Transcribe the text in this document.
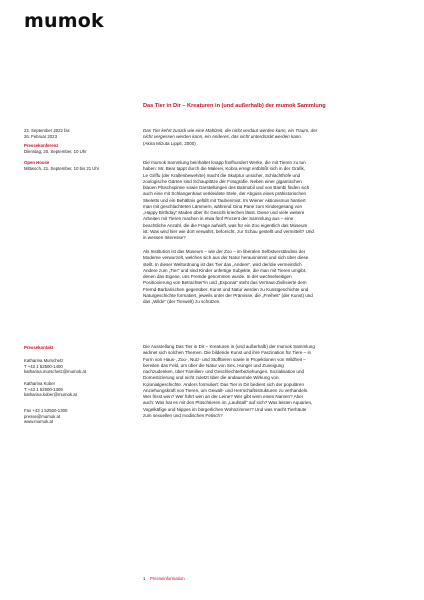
mumok
Das Tier in Dir – Kreaturen in (und außerhalb) der mumok Sammlung
22. September 2022 bis
26. Februar 2023
Pressekonferenz
Dienstag, 20. September, 10 Uhr
Open House
Mittwoch, 21. September, 10 bis 21 Uhr
Pressekontakt
Katharina Murschetz
T +43 1 52500-1400
katharina.murschetz@mumok.at
Katharina Kober
T +43 1 52500-1309
katharina.kober@mumok.at
Fax +43 1 52500-1300
presse@mumok.at
www.mumok.at

Das Tier kehrt zurück wie eine Mahlzeit, die nicht verdaut werden kann, ein Traum, der

nicht vergessen werden kann, ein Anderes, das nicht unterdrückt werden kann.

(Akira Mizuta Lippit, 2000)

Die mumok Sammlung beinhaltet knapp fünfhundert Werke, die mit Tieren zu tun

haben: Mr. Bear tappt durch die Malerei, Kobra erregt entblößt sich in der Grafik,

Le Griffu (der Krallenbewehrte) macht die Skulptur unsicher, Schlachthöfe und

zoologische Gärten sind Schauplätze der Fotografie. Neben einer gigantischen

blauen Plüschspinne sowie Darstellungen des Batmobil und von Bambi finden sich

auch eine mit Schlangenhaut verkleidete Stele, der Abguss eines prähistorischen

Skeletts und ein Behältnis gefüllt mit Taubenmist. Im Wiener Aktionismus hantiert

man mit geschlachteten Lämmern, während Gina Pane zum Kindergesang von

„Happy Birthday“ Maden über ihr Gesicht kriechen lässt. Diese und viele weitere

Arbeiten mit Tieren machen in etwa fünf Prozent der Sammlung aus – eine

beachtliche Anzahl, die die Frage aufwirft, was für ein Zoo eigentlich das Museum

ist. Was wird hier wie dort verwahrt, beforscht, zur Schau gestellt und vermittelt? Und

in wessen Interesse?

Als Institution ist das Museum – wie der Zoo – im liberalen Selbstverständnis der

Moderne verwurzelt, welches sich aus der Natur herausnimmt und sich über diese

stellt. In dieser Weltordnung ist das Tier das „Andere“, wird der/die vermeintlich

Andere zum „Tier“ und sind Kinder unfertige Subjekte, die man mit Tieren umgibt,

denen das Eigene, uns Fremde genommen wurde. In der wechselseitigen

Positionierung von Betrachter*in und „Exponat“ steht das Vertraut-Zivilisierte dem

Fremd-Barbarischen gegenüber. Kunst und Natur werden zu Kunstgeschichte und

Naturgeschichte formatiert, jeweils unter der Prämisse, die „Freiheit“ (der Kunst) und

das „Wilde“ (der Tierwelt) zu schützen.

Die Ausstellung Das Tier in Dir – Kreaturen in (und außerhalb) der mumok Sammlung

widmet sich solchen Themen. Die bildende Kunst und ihre Faszination für Tiere – in

Form von Haus-, Zoo-, Nutz- und Stofftieren sowie in Projektionen von Wildheit –

bereiten das Feld, um über die Natur von Sex, Hunger und Zuneigung

nachzudenken, über Familien- und Geschlechterbeziehungen, Sozialisation und

Domestizierung und nicht zuletzt über die andauernde Wirkung von

Kolonialgeschichte. Anders formuliert: Das Tier in Dir bedient sich der populären

Anziehungskraft von Tieren, um Gewalt- und Herrschaftsstrukturen zu verhandeln.

Wer frisst wen? Wer führt wen an der Leine? Wer gibt wem einen Namen? Aber

auch: Was hat es mit den Plüschtieren im „Laufstall“ auf sich? Was leisten Aquarien,

Vogelkäfige und Nippes im bürgerlichen Wohnzimmer? Und was macht Tierhäute

zum sexuellen und modischen Fetisch?

1 Presseinformation
